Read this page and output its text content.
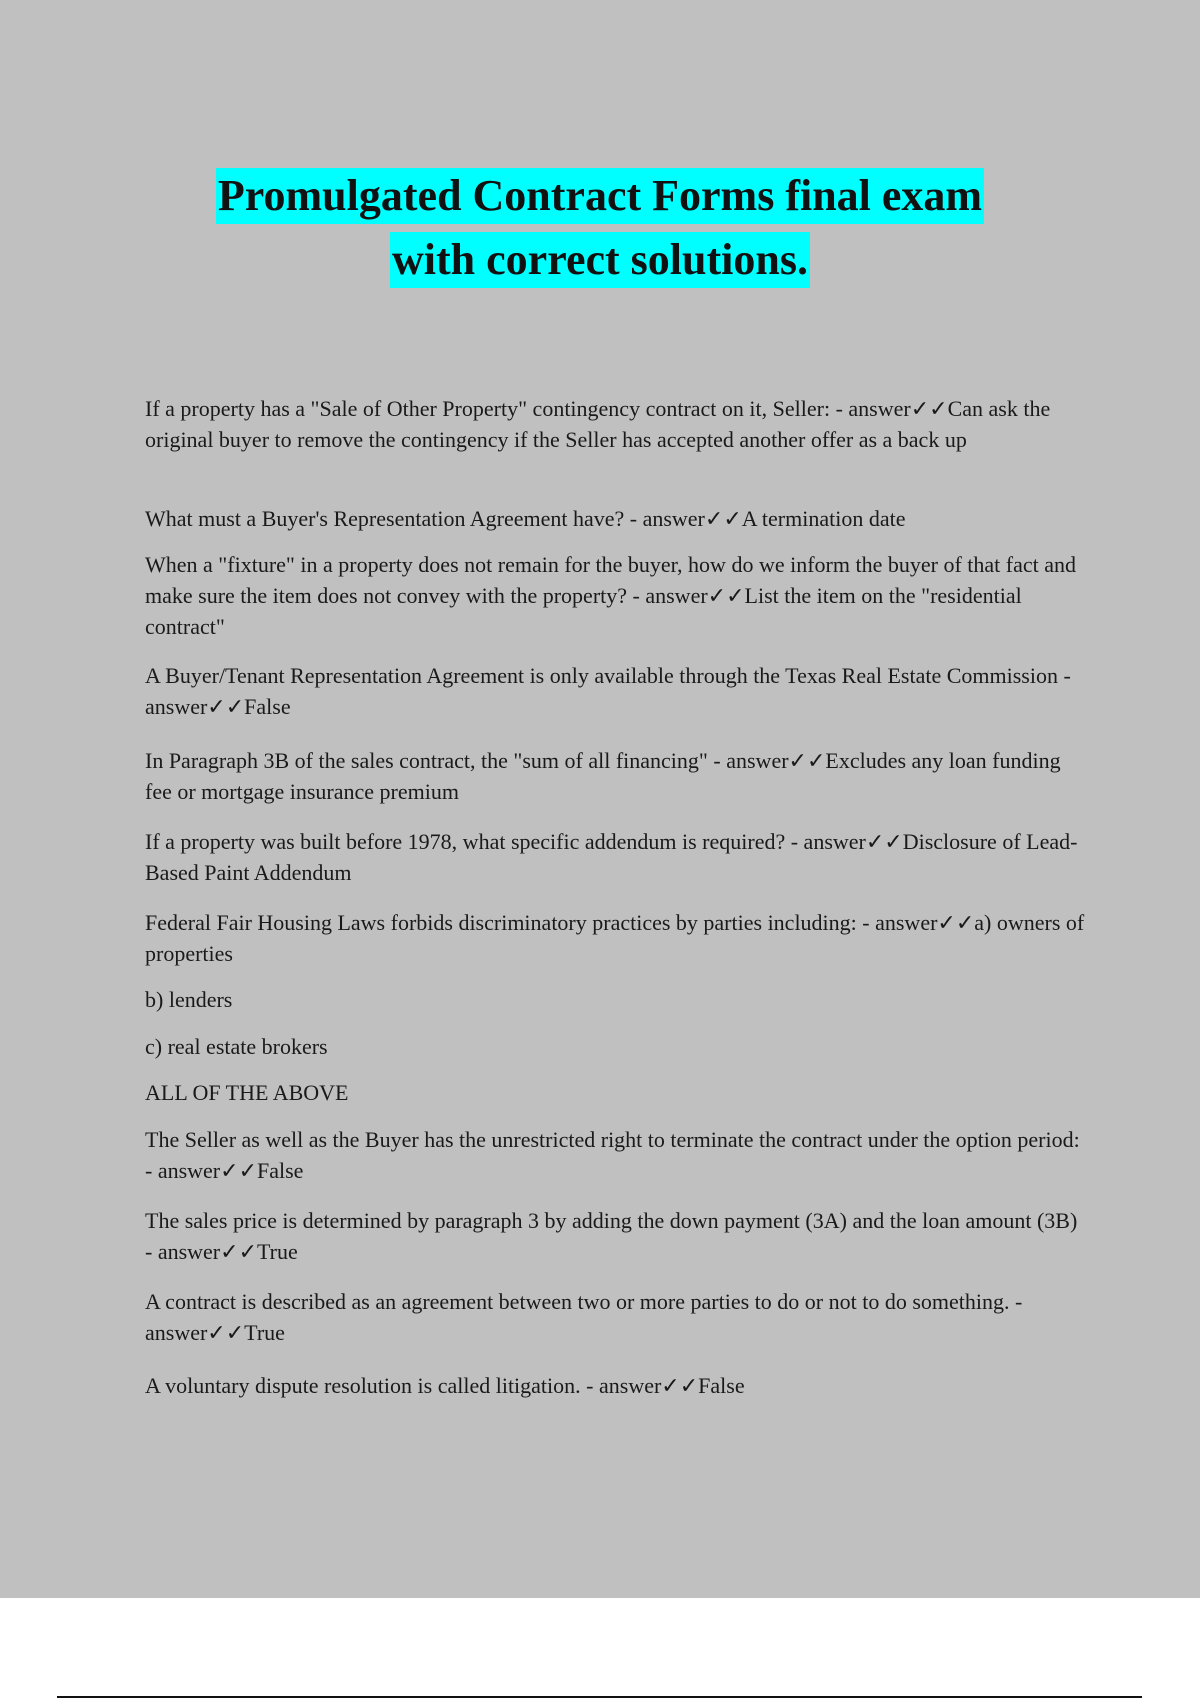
Promulgated Contract Forms final exam
with correct solutions.
If a property has a "Sale of Other Property" contingency contract on it, Seller: - answer✓✓Can ask the original buyer to remove the contingency if the Seller has accepted another offer as a back up
What must a Buyer's Representation Agreement have? - answer✓✓A termination date
When a "fixture" in a property does not remain for the buyer, how do we inform the buyer of that fact and make sure the item does not convey with the property? - answer✓✓List the item on the "residential contract"
A Buyer/Tenant Representation Agreement is only available through the Texas Real Estate Commission - answer✓✓False
In Paragraph 3B of the sales contract, the "sum of all financing" - answer✓✓Excludes any loan funding fee or mortgage insurance premium
If a property was built before 1978, what specific addendum is required? - answer✓✓Disclosure of Lead-Based Paint Addendum
Federal Fair Housing Laws forbids discriminatory practices by parties including: - answer✓✓a) owners of properties
b) lenders
c) real estate brokers
ALL OF THE ABOVE
The Seller as well as the Buyer has the unrestricted right to terminate the contract under the option period: - answer✓✓False
The sales price is determined by paragraph 3 by adding the down payment (3A) and the loan amount (3B) - answer✓✓True
A contract is described as an agreement between two or more parties to do or not to do something. - answer✓✓True
A voluntary dispute resolution is called litigation. - answer✓✓False
